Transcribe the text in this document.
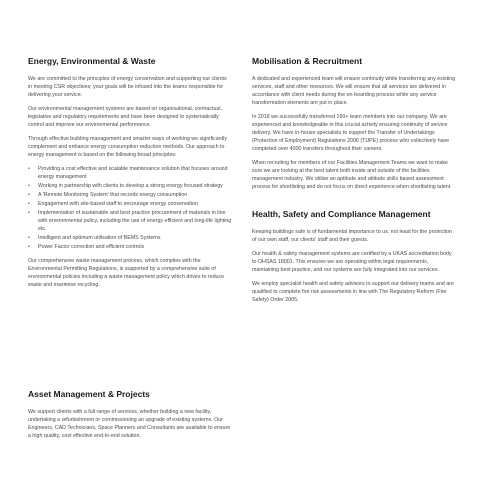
Energy, Environmental & Waste

We are committed to the principles of energy conservation and supporting our clients in meeting CSR objectives; your goals will be infused into the teams responsible for delivering your service.

Our environmental management systems are based on organisational, contractual, legislative and regulatory requirements and have been designed to systematically control and improve our environmental performance.

Through effective building management and smarter ways of working we significantly complement and enhance energy consumption reduction methods. Our approach to energy management is based on the following broad principles:

• Providing a cost effective and scalable maintenance solution that focuses around energy management
• Working in partnership with clients to develop a strong energy focused strategy
• A 'Remote Monitoring System' that records energy consumption
• Engagement with site-based staff to encourage energy conservation
• Implementation of sustainable and best practice procurement of materials in line with environmental policy, including the use of energy efficient and long-life lighting etc.
• Intelligent and optimum utilisation of BEMS Systems
• Power Factor correction and efficient controls

Our comprehensive waste management process, which complies with the Environmental Permitting Regulations, is supported by a comprehensive suite of environmental policies including a waste management policy which drives to reduce waste and maximise recycling.

Asset Management & Projects

We support clients with a full range of services, whether building a new facility, undertaking a refurbishment or commissioning an upgrade of existing systems. Our Engineers, CAD Technicians, Space Planners and Consultants are available to ensure a high quality, cost effective end-to-end solution.

Mobilisation & Recruitment

A dedicated and experienced team will ensure continuity while transferring any existing services, staff and other resources. We will ensure that all services are delivered in accordance with client needs during the on-boarding process while any service transformation elements are put in place.

In 2018 we successfully transferred 150+ team members into our company. We are experienced and knowledgeable in this crucial activity ensuring continuity of service delivery. We have in-house specialists to support the Transfer of Undertakings (Protection of Employment) Regulations 2006 (TUPE) process who collectively have completed over 4000 transfers throughout their careers.

When recruiting for members of our Facilities Management Teams we want to make sure we are looking at the best talent both inside and outside of the facilities management industry. We utilise an aptitude and attitude skills based assessment process for shortlisting and do not focus on direct experience when shortlisting talent.

Health, Safety and Compliance Management

Keeping buildings safe is of fundamental importance to us, not least for the protection of our own staff, our clients' staff and their guests.

Our health & safety management systems are certified by a UKAS accreditation body to OHSAS 18001. This ensures we are operating within legal requirements, maintaining best practice, and our systems are fully integrated into our services.

We employ specialist health and safety advisors to support our delivery teams and are qualified to complete fire risk assessments in line with The Regulatory Reform (Fire Safety) Order 2005.
